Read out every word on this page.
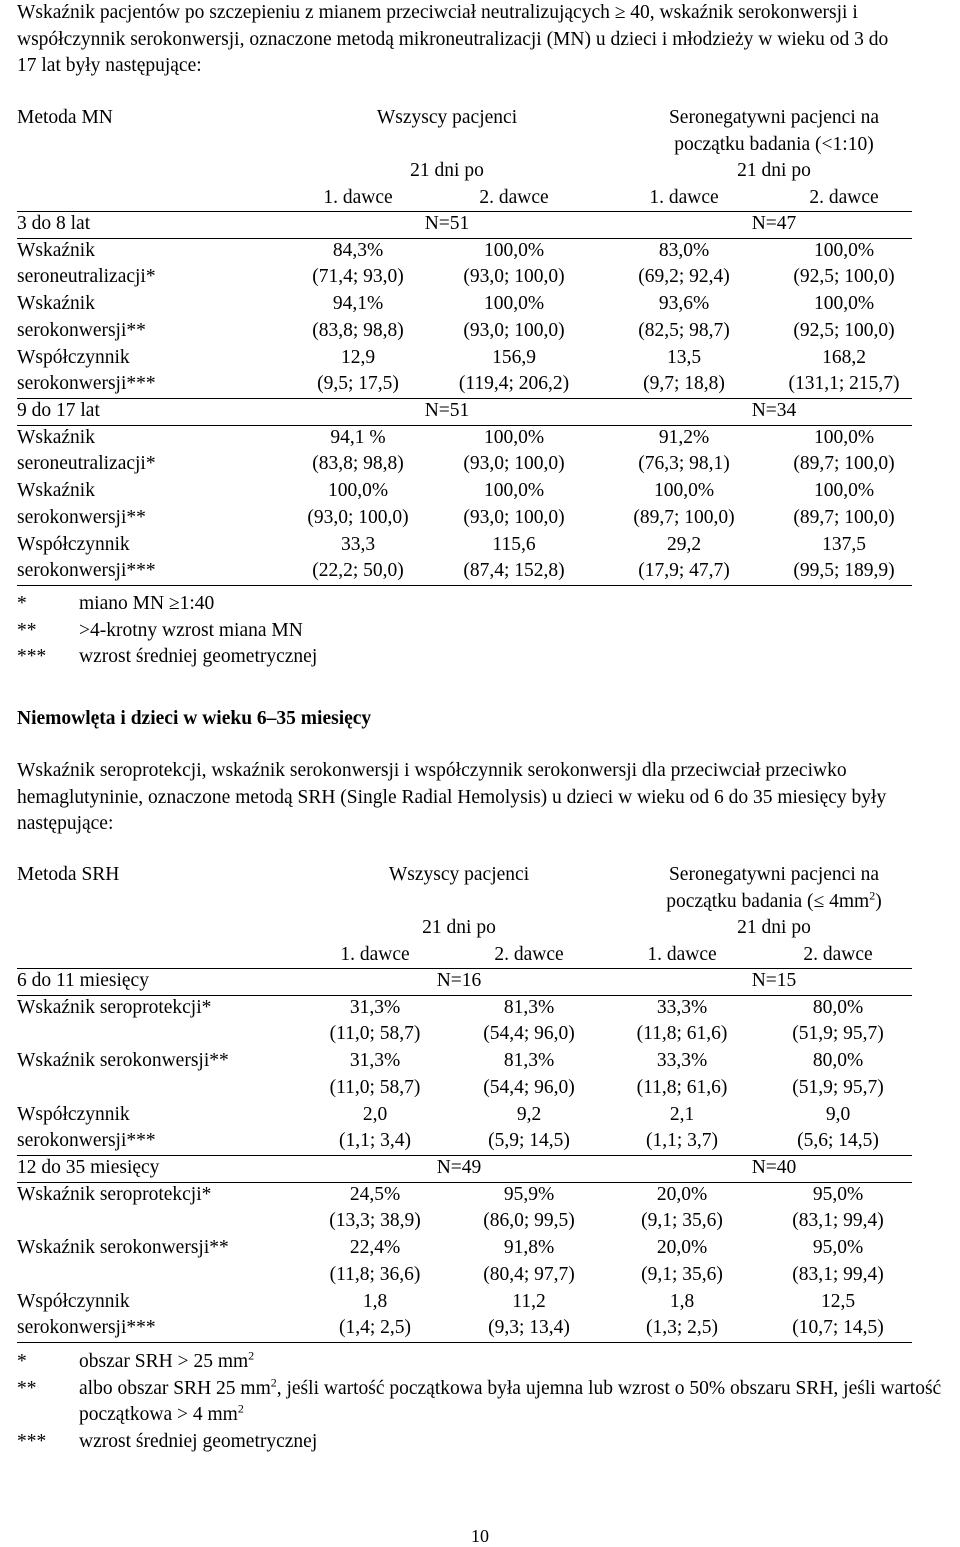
Wskaźnik pacjentów po szczepieniu z mianem przeciwciał neutralizujących ≥ 40, wskaźnik serokonwersji i współczynnik serokonwersji, oznaczone metodą mikroneutralizacji (MN) u dzieci i młodzieży w wieku od 3 do 17 lat były następujące:

Metoda MN	Wszyscy pacjenci	Seronegatywni pacjenci na
początku badania (<1:10)
21 dni po	21 dni po
1. dawce	2. dawce	1. dawce	2. dawce
3 do 8 lat	N=51	N=47
Wskaźnik	84,3%	100,0%	83,0%	100,0%
seroneutralizacji*	(71,4; 93,0)	(93,0; 100,0)	(69,2; 92,4)	(92,5; 100,0)
Wskaźnik	94,1%	100,0%	93,6%	100,0%
serokonwersji**	(83,8; 98,8)	(93,0; 100,0)	(82,5; 98,7)	(92,5; 100,0)
Współczynnik	12,9	156,9	13,5	168,2
serokonwersji***	(9,5; 17,5)	(119,4; 206,2)	(9,7; 18,8)	(131,1; 215,7)
9 do 17 lat	N=51	N=34
Wskaźnik	94,1 %	100,0%	91,2%	100,0%
seroneutralizacji*	(83,8; 98,8)	(93,0; 100,0)	(76,3; 98,1)	(89,7; 100,0)
Wskaźnik	100,0%	100,0%	100,0%	100,0%
serokonwersji**	(93,0; 100,0)	(93,0; 100,0)	(89,7; 100,0)	(89,7; 100,0)
Współczynnik	33,3	115,6	29,2	137,5
serokonwersji***	(22,2; 50,0)	(87,4; 152,8)	(17,9; 47,7)	(99,5; 189,9)
*	miano MN ≥1:40
** >4-krotny wzrost miana MN
*** wzrost średniej geometrycznej
Niemowlęta i dzieci w wieku 6–35 miesięcy

Wskaźnik seroprotekcji, wskaźnik serokonwersji i współczynnik serokonwersji dla przeciwciał przeciwko hemaglutyninie, oznaczone metodą SRH (Single Radial Hemolysis) u dzieci w wieku od 6 do 35 miesięcy były następujące:

Metoda SRH	Wszyscy pacjenci	Seronegatywni pacjenci na
początku badania (≤ $4mm^2$)
21 dni po	21 dni po
1. dawce	2. dawce	1. dawce	2. dawce
6 do 11 miesięcy	N=16	N=15
Wskaźnik seroprotekcji*	31,3%	81,3%	33,3%	80,0%
(11,0; 58,7)	(54,4; 96,0)	(11,8; 61,6)	(51,9; 95,7)
Wskaźnik serokonwersji**	31,3%	81,3%	33,3%	80,0%
(11,0; 58,7)	(54,4; 96,0)	(11,8; 61,6)	(51,9; 95,7)
Współczynnik	2,0	9,2	2,1	9,0
serokonwersji***	(1,1; 3,4)	(5,9; 14,5)	(1,1; 3,7)	(5,6; 14,5)
12 do 35 miesięcy	N=49	N=40
Wskaźnik seroprotekcji*	24,5%	95,9%	20,0%	95,0%
(13,3; 38,9)	(86,0; 99,5)	(9,1; 35,6)	(83,1; 99,4)
Wskaźnik serokonwersji**	22,4%	91,8%	20,0%	95,0%
(11,8; 36,6)	(80,4; 97,7)	(9,1; 35,6)	(83,1; 99,4)
Współczynnik	1,8	11,2	1,8	12,5
serokonwersji***	(1,4; 2,5)	(9,3; 13,4)	(1,3; 2,5)	(10,7; 14,5)
*	obszar SRH > 25 $mm^2$
** albo obszar SRH 25 $mm^2$, jeśli wartość początkowa była ujemna lub wzrost o 50% obszaru SRH, jeśli wartość początkowa > 4 $mm^2$
*** wzrost średniej geometrycznej
10
